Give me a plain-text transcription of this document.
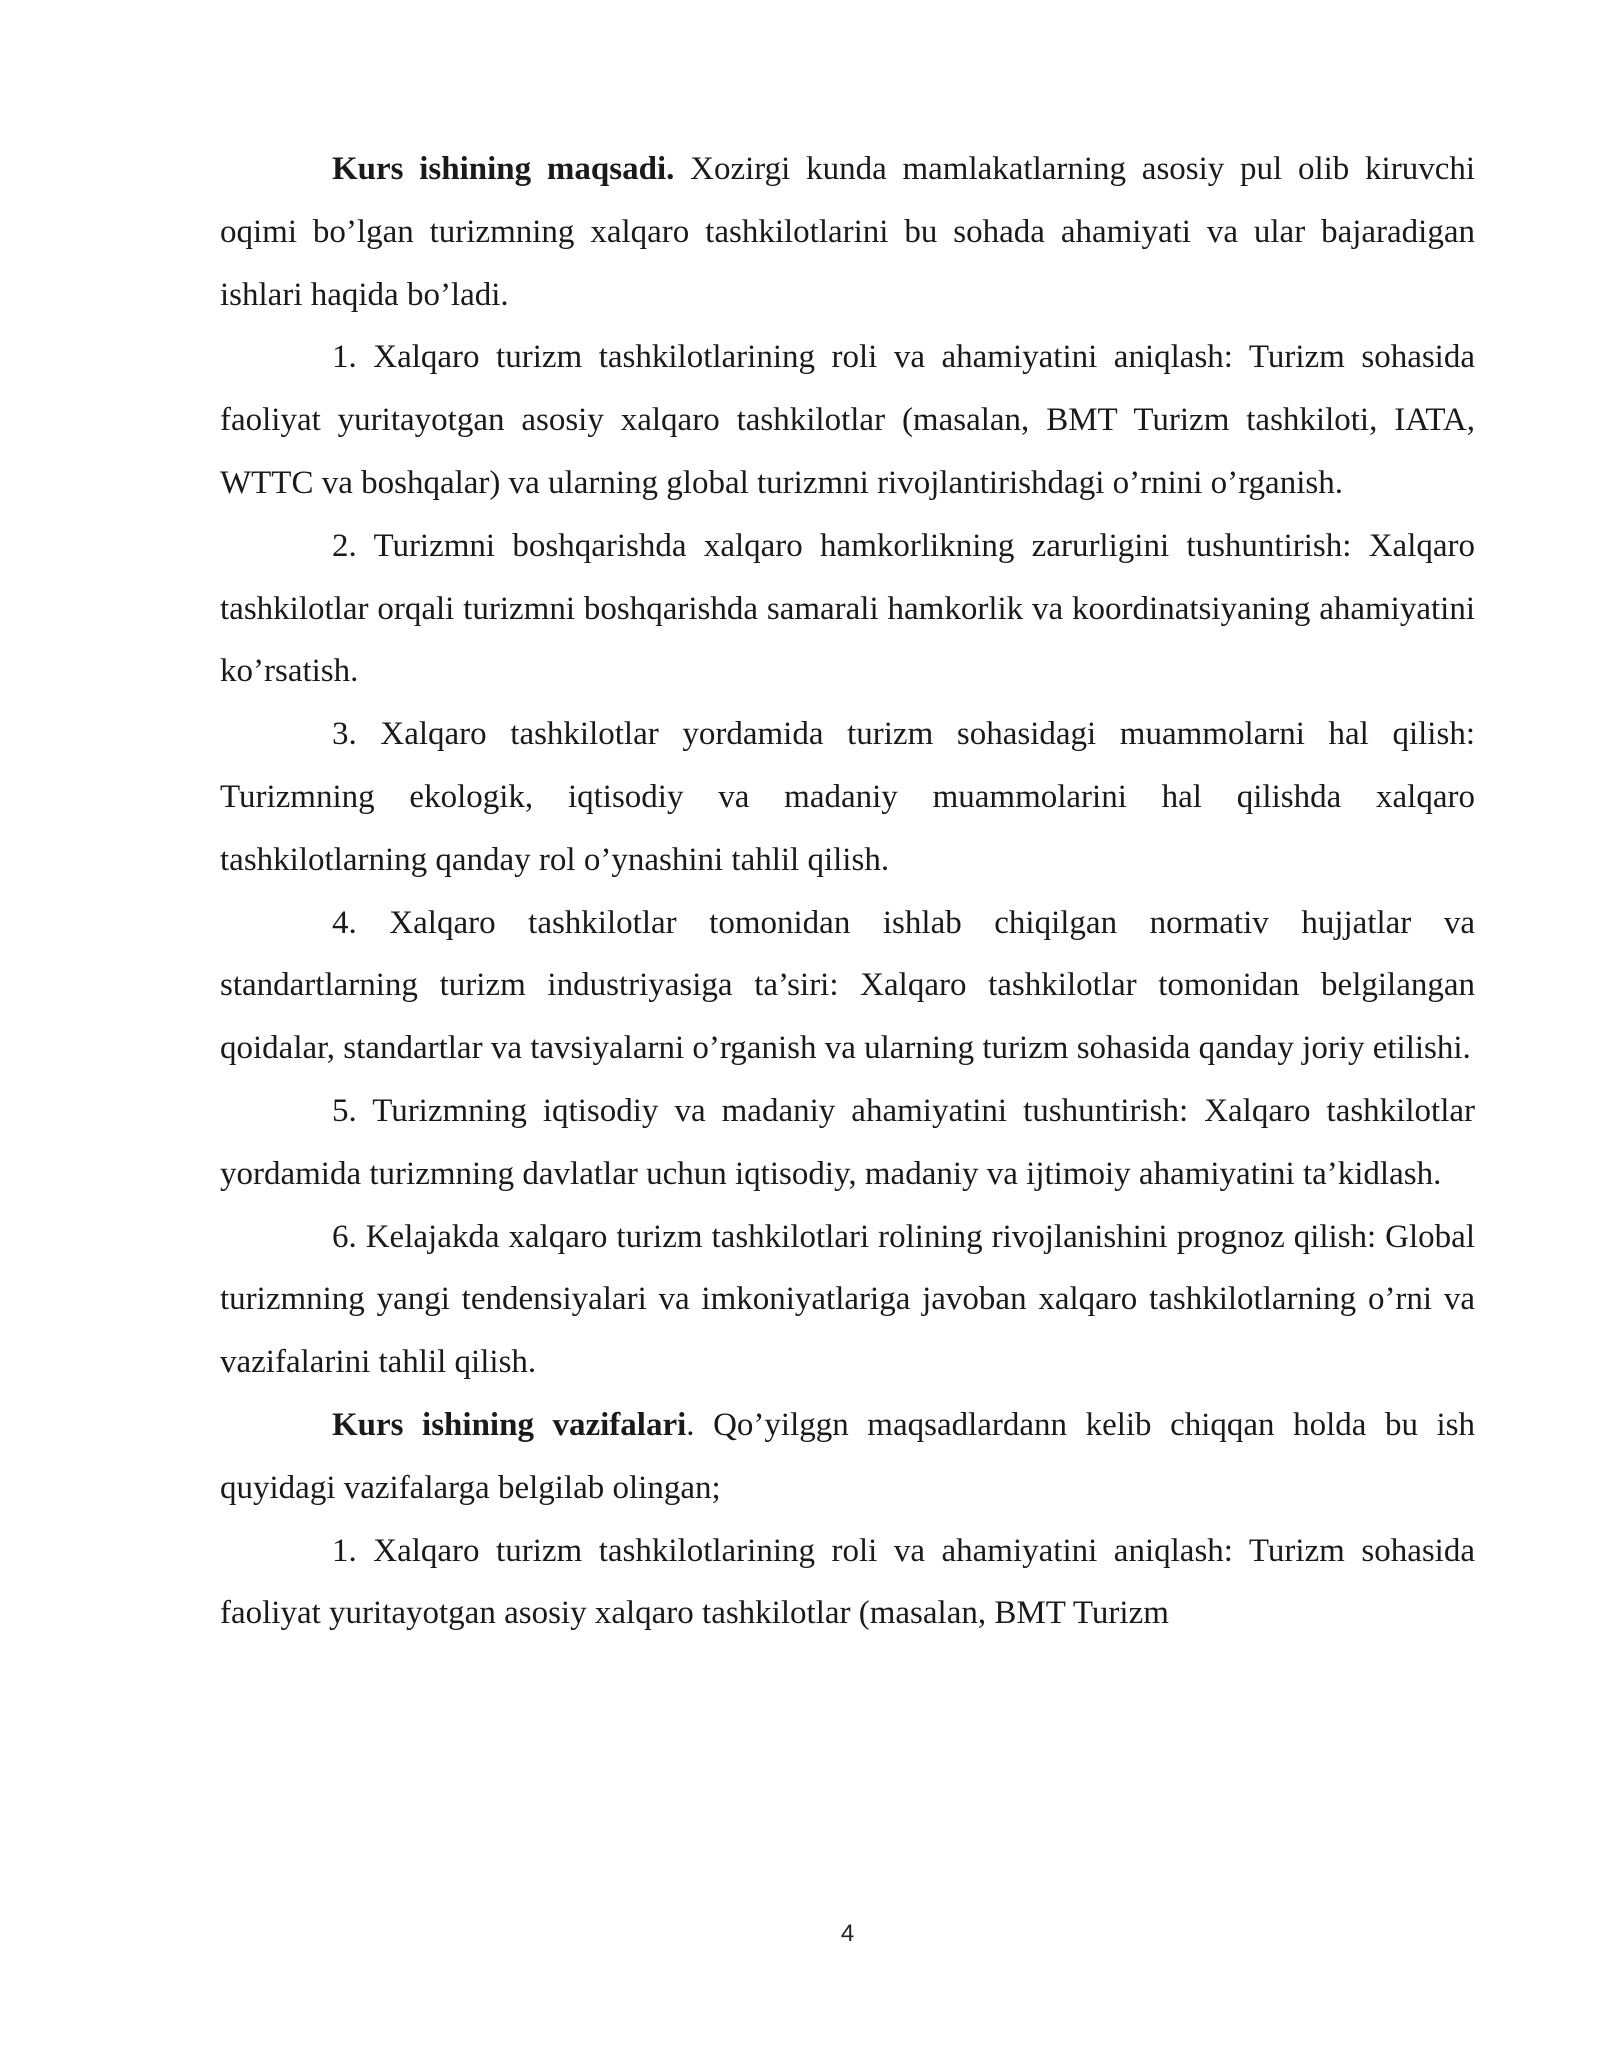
Kurs ishining maqsadi. Xozirgi kunda mamlakatlarning asosiy pul olib kiruvchi oqimi bo’lgan turizmning xalqaro tashkilotlarini bu sohada ahamiyati va ular bajaradigan ishlari haqida bo’ladi.

1. Xalqaro turizm tashkilotlarining roli va ahamiyatini aniqlash: Turizm sohasida faoliyat yuritayotgan asosiy xalqaro tashkilotlar (masalan, BMT Turizm tashkiloti, IATA, WTTC va boshqalar) va ularning global turizmni rivojlantirishdagi o’rnini o’rganish.

2. Turizmni boshqarishda xalqaro hamkorlikning zarurligini tushuntirish: Xalqaro tashkilotlar orqali turizmni boshqarishda samarali hamkorlik va koordinatsiyaning ahamiyatini ko’rsatish.

3. Xalqaro tashkilotlar yordamida turizm sohasidagi muammolarni hal qilish: Turizmning ekologik, iqtisodiy va madaniy muammolarini hal qilishda xalqaro tashkilotlarning qanday rol o’ynashini tahlil qilish.

4. Xalqaro tashkilotlar tomonidan ishlab chiqilgan normativ hujjatlar va standartlarning turizm industriyasiga ta’siri: Xalqaro tashkilotlar tomonidan belgilangan qoidalar, standartlar va tavsiyalarni o’rganish va ularning turizm sohasida qanday joriy etilishi.

5. Turizmning iqtisodiy va madaniy ahamiyatini tushuntirish: Xalqaro tashkilotlar yordamida turizmning davlatlar uchun iqtisodiy, madaniy va ijtimoiy ahamiyatini ta’kidlash.

6. Kelajakda xalqaro turizm tashkilotlari rolining rivojlanishini prognoz qilish: Global turizmning yangi tendensiyalari va imkoniyatlariga javoban xalqaro tashkilotlarning o’rni va vazifalarini tahlil qilish.

Kurs ishining vazifalari. Qo’yilggn maqsadlardann kelib chiqqan holda bu ish quyidagi vazifalarga belgilab olingan;

1. Xalqaro turizm tashkilotlarining roli va ahamiyatini aniqlash: Turizm sohasida faoliyat yuritayotgan asosiy xalqaro tashkilotlar (masalan, BMT Turizm

4
